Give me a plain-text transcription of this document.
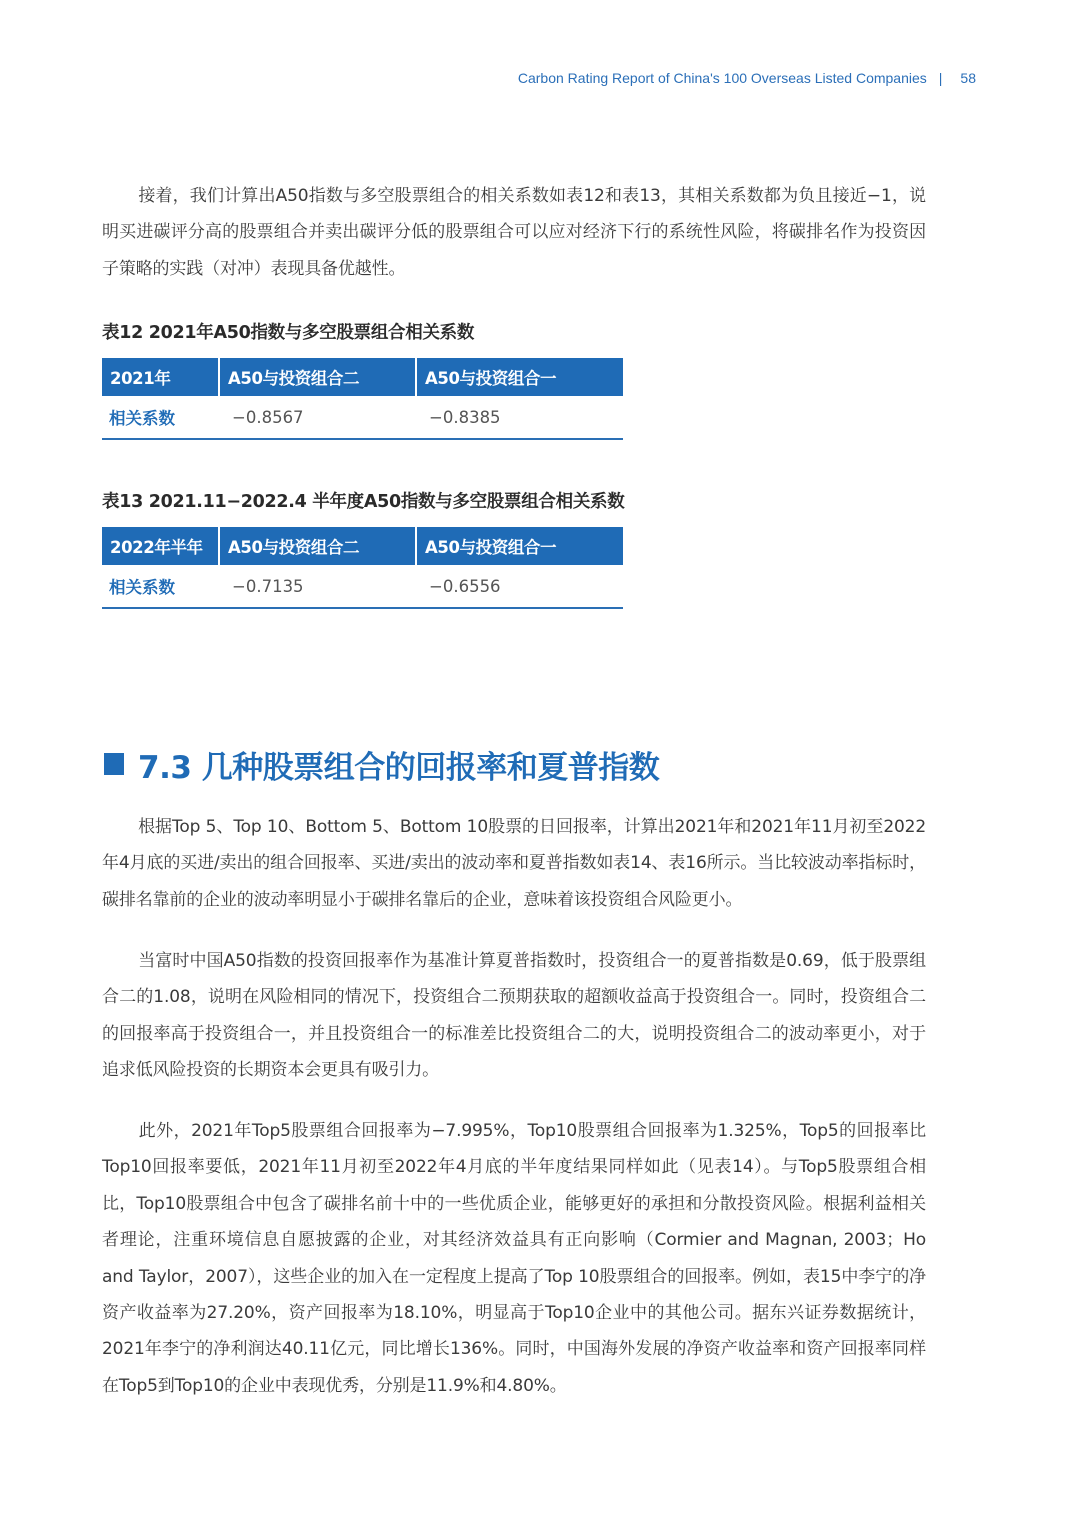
Carbon Rating Report of China's 100 Overseas Listed Companies | 58

接着，我们计算出A50指数与多空股票组合的相关系数如表12和表13，其相关系数都为负且接近−1，说明买进碳评分高的股票组合并卖出碳评分低的股票组合可以应对经济下行的系统性风险，将碳排名作为投资因子策略的实践（对冲）表现具备优越性。

表12 2021年A50指数与多空股票组合相关系数

2021年	A50与投资组合二	A50与投资组合一
相关系数	−0.8567	−0.8385

表13 2021.11−2022.4 半年度A50指数与多空股票组合相关系数

2022年半年	A50与投资组合二	A50与投资组合一
相关系数	−0.7135	−0.6556
7.3 几种股票组合的回报率和夏普指数

根据Top 5、Top 10、Bottom 5、Bottom 10股票的日回报率，计算出2021年和2021年11月初至2022年4月底的买进/卖出的组合回报率、买进/卖出的波动率和夏普指数如表14、表16所示。当比较波动率指标时，碳排名靠前的企业的波动率明显小于碳排名靠后的企业，意味着该投资组合风险更小。

当富时中国A50指数的投资回报率作为基准计算夏普指数时，投资组合一的夏普指数是0.69，低于股票组合二的1.08，说明在风险相同的情况下，投资组合二预期获取的超额收益高于投资组合一。同时，投资组合二的回报率高于投资组合一，并且投资组合一的标准差比投资组合二的大，说明投资组合二的波动率更小，对于追求低风险投资的长期资本会更具有吸引力。

此外，2021年Top5股票组合回报率为−7.995%，Top10股票组合回报率为1.325%，Top5的回报率比Top10回报率要低，2021年11月初至2022年4月底的半年度结果同样如此（见表14）。与Top5股票组合相比，Top10股票组合中包含了碳排名前十中的一些优质企业，能够更好的承担和分散投资风险。根据利益相关者理论，注重环境信息自愿披露的企业，对其经济效益具有正向影响（Cormier and Magnan, 2003；Ho and Taylor，2007），这些企业的加入在一定程度上提高了Top 10股票组合的回报率。例如，表15中李宁的净资产收益率为27.20%，资产回报率为18.10%，明显高于Top10企业中的其他公司。据东兴证券数据统计，2021年李宁的净利润达40.11亿元，同比增长136%。同时，中国海外发展的净资产收益率和资产回报率同样在Top5到Top10的企业中表现优秀，分别是11.9%和4.80%。
